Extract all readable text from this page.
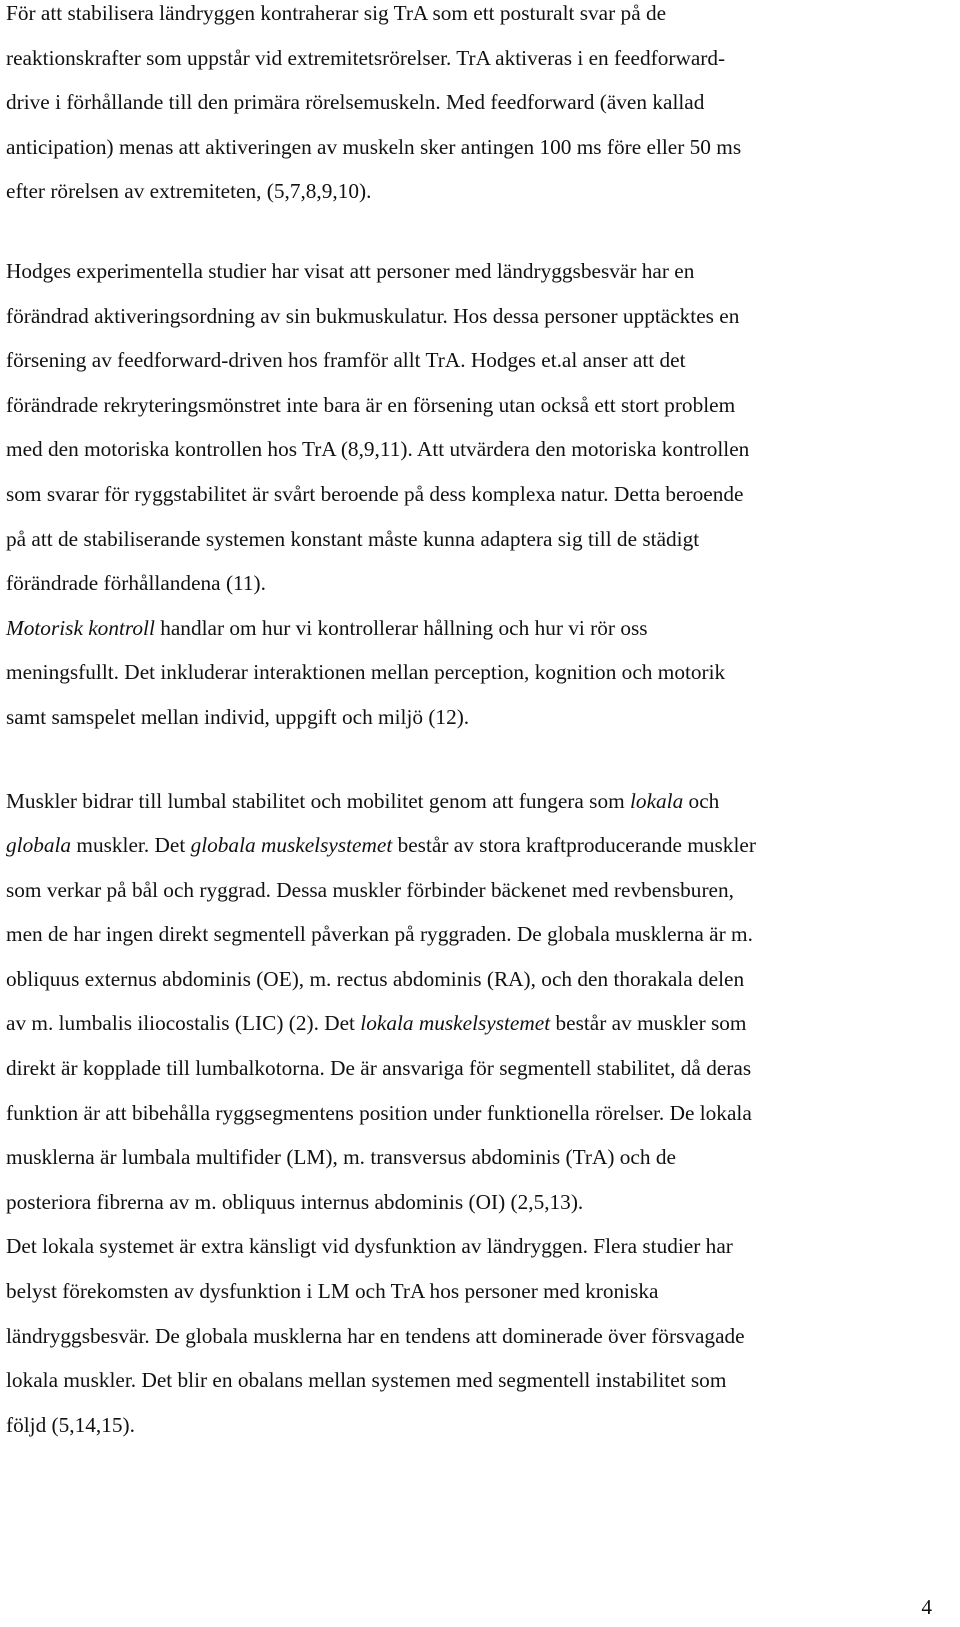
För att stabilisera ländryggen kontraherar sig TrA som ett posturalt svar på de
reaktionskrafter som uppstår vid extremitetsrörelser. TrA aktiveras i en feedforward-
drive i förhållande till den primära rörelsemuskeln. Med feedforward (även kallad
anticipation) menas att aktiveringen av muskeln sker antingen 100 ms före eller 50 ms
efter rörelsen av extremiteten, (5,7,8,9,10).
Hodges experimentella studier har visat att personer med ländryggsbesvär har en
förändrad aktiveringsordning av sin bukmuskulatur. Hos dessa personer upptäcktes en
försening av feedforward-driven hos framför allt TrA. Hodges et.al anser att det
förändrade rekryteringsmönstret inte bara är en försening utan också ett stort problem
med den motoriska kontrollen hos TrA (8,9,11). Att utvärdera den motoriska kontrollen
som svarar för ryggstabilitet är svårt beroende på dess komplexa natur. Detta beroende
på att de stabiliserande systemen konstant måste kunna adaptera sig till de städigt
förändrade förhållandena (11).
Motorisk kontroll handlar om hur vi kontrollerar hållning och hur vi rör oss
meningsfullt. Det inkluderar interaktionen mellan perception, kognition och motorik
samt samspelet mellan individ, uppgift och miljö (12).
Muskler bidrar till lumbal stabilitet och mobilitet genom att fungera som lokala och
globala muskler. Det globala muskelsystemet består av stora kraftproducerande muskler
som verkar på bål och ryggrad. Dessa muskler förbinder bäckenet med revbensburen,
men de har ingen direkt segmentell påverkan på ryggraden. De globala musklerna är m.
obliquus externus abdominis (OE), m. rectus abdominis (RA), och den thorakala delen
av m. lumbalis iliocostalis (LIC) (2). Det lokala muskelsystemet består av muskler som
direkt är kopplade till lumbalkotorna. De är ansvariga för segmentell stabilitet, då deras
funktion är att bibehålla ryggsegmentens position under funktionella rörelser. De lokala
musklerna är lumbala multifider (LM), m. transversus abdominis (TrA) och de
posteriora fibrerna av m. obliquus internus abdominis (OI) (2,5,13).
Det lokala systemet är extra känsligt vid dysfunktion av ländryggen. Flera studier har
belyst förekomsten av dysfunktion i LM och TrA hos personer med kroniska
ländryggsbesvär. De globala musklerna har en tendens att dominerade över försvagade
lokala muskler. Det blir en obalans mellan systemen med segmentell instabilitet som
följd (5,14,15).
4
